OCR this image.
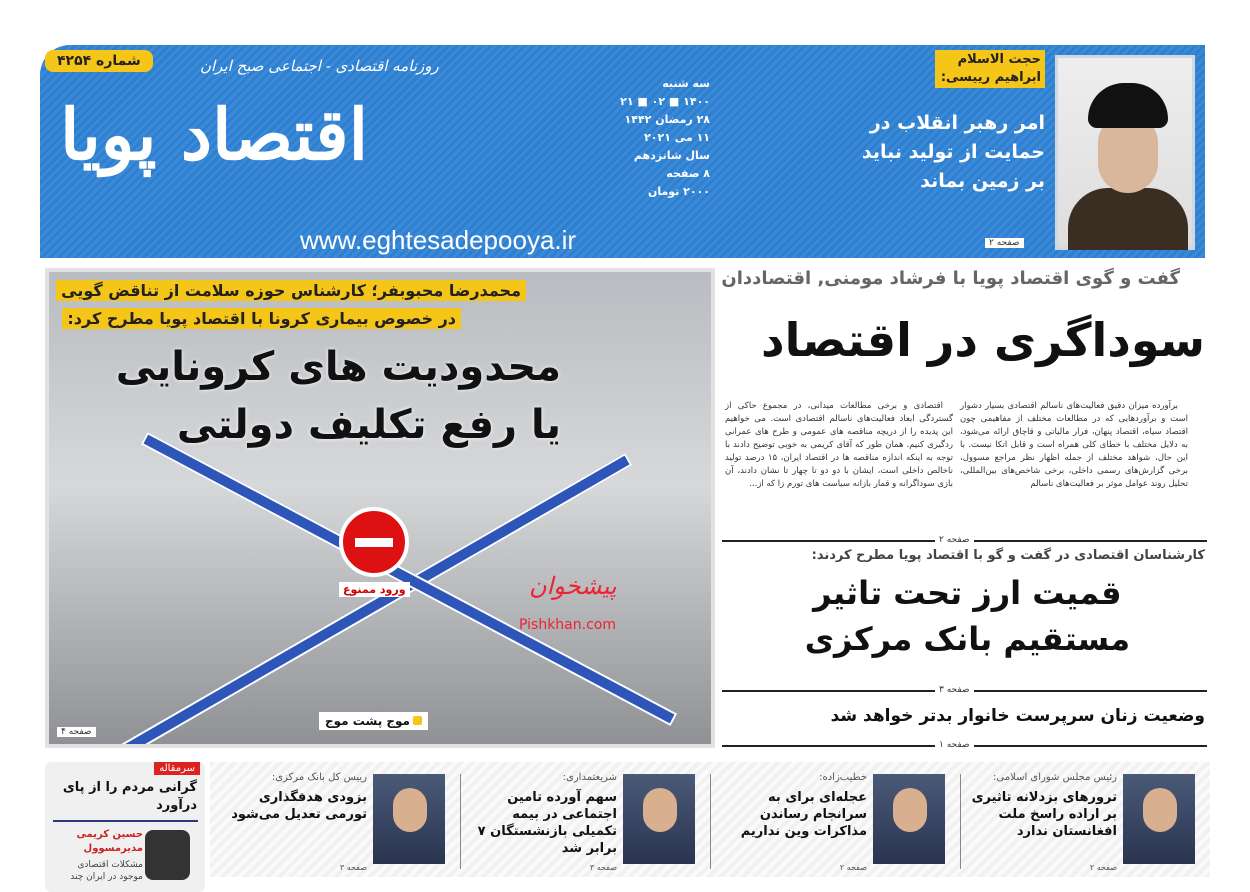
شماره ۴۲۵۴
اقتصاد پویا
روزنامه اقتصادی - اجتماعی صبح ایران
www.eghtesadepooya.ir
سه شنبه
۱۴۰۰ ■ ۰۲ ■ ۲۱
۲۸ رمضان ۱۴۴۲
۱۱ می ۲۰۲۱
سال شانزدهم
۸ صفحه
۲۰۰۰ تومان
حجت الاسلام ابراهیم رییسی:
امر رهبر انقلاب در حمایت از تولید نباید بر زمین بماند
صفحه ۲
ورود ممنوع
محمدرضا محبوبفر؛ کارشناس حوزه سلامت از تناقض گویی
در خصوص بیماری کرونا با اقتصاد پویا مطرح کرد:
محدودیت های کرونایی
یا رفع تکلیف دولتی
پیشخوان
Pishkhan.com
موج پشت موج
صفحه ۴
گفت و گوی اقتصاد پویا با فرشاد مومنی, اقتصاددان
سوداگری در اقتصاد
برآورده میزان دقیق فعالیت‌های ناسالم اقتصادی بسیار دشوار است و برآوردهایی که در مطالعات مختلف از مفاهیمی چون اقتصاد سیاه، اقتصاد پنهان، فرار مالیاتی و قاچاق ارائه می‌شود، به دلایل مختلف با خطای کلی همراه است و قابل اتکا نیست. با این حال، شواهد مختلف از جمله اظهار نظر مراجع مسوول، برخی گزارش‌های رسمی داخلی، برخی شاخص‌های بین‌المللی، تحلیل روند عوامل موثر بر فعالیت‌های ناسالم
اقتصادی و برخی مطالعات میدانی، در مجموع حاکی از گستردگی ابعاد فعالیت‌های ناسالم اقتصادی است. می خواهیم این پدیده را از دریچه مناقصه های عمومی و طرح های عمرانی ردگیری کنیم. همان طور که آقای کریمی به خوبی توضیح دادند با توجه به اینکه اندازه مناقصه ها در اقتصاد ایران، ۱۵ درصد تولید ناخالص داخلی است، ایشان با دو دو تا چهار تا نشان دادند، آن بازی سوداگرانه و قمار بازانه سیاست های تورم زا که از...
صفحه ۲
کارشناسان اقتصادی در گفت و گو با اقتصاد پویا مطرح کردند:
قمیت ارز تحت تاثیر
مستقیم بانک مرکزی
صفحه ۳
وضعیت زنان سرپرست خانوار بدتر خواهد شد
صفحه ۱
سرمقاله
گرانی مردم را از پای درآورد
حسین کریمی
مدیرمسوول
مشکلات اقتصادی موجود در ایران چند
رییس کل بانک مرکزی:
بزودی هدفگذاری تورمی تعدیل می‌شود
صفحه ۳
شریعتمداری:
سهم آورده تامین اجتماعی در بیمه تکمیلی بازنشستگان ۷ برابر شد
صفحه ۳
خطیب‌زاده:
عجله‌ای برای به سرانجام رساندن مذاکرات وین نداریم
صفحه ۲
رئیس مجلس شورای اسلامی:
ترورهای بزدلانه تاثیری بر اراده راسخ ملت افغانستان ندارد
صفحه ۲
